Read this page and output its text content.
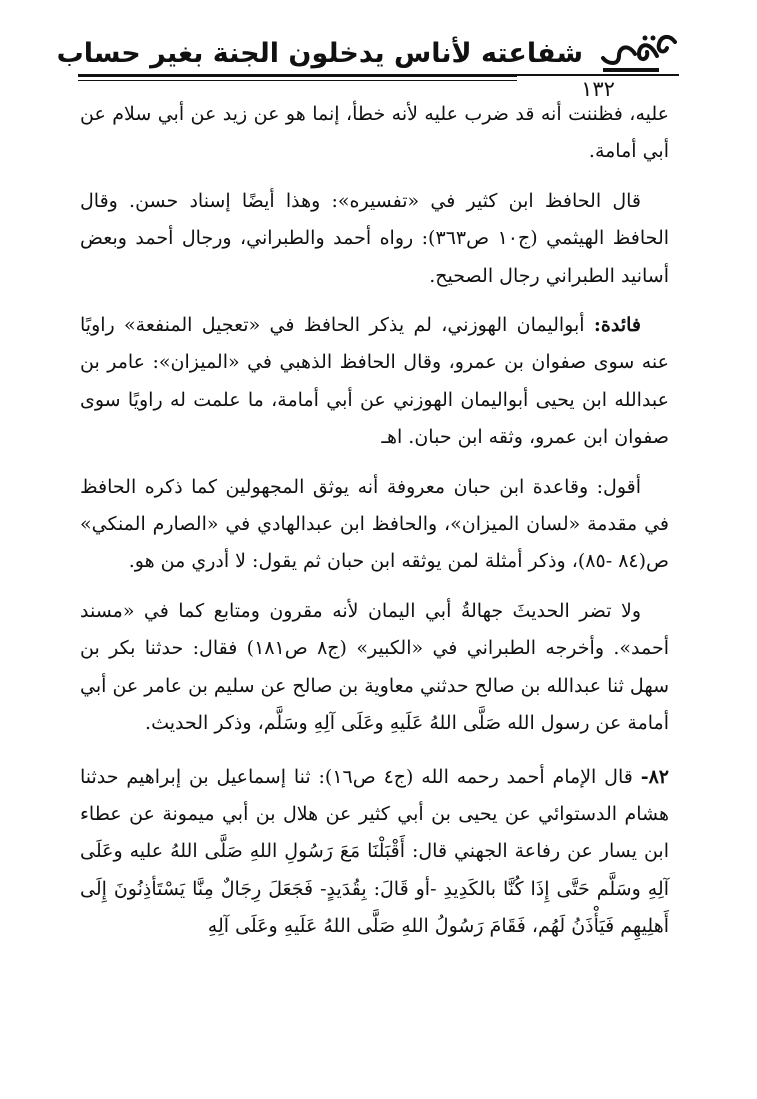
شفاعته لأناس يدخلون الجنة بغير حساب
١٣٢

عليه، فظننت أنه قد ضرب عليه لأنه خطأ، إنما هو عن زيد عن أبي سلام عن أبي أمامة.

قال الحافظ ابن كثير في «تفسيره»: وهذا أيضًا إسناد حسن. وقال الحافظ الهيثمي (ج١٠ ص٣٦٣): رواه أحمد والطبراني، ورجال أحمد وبعض أسانيد الطبراني رجال الصحيح.

فائدة: أبواليمان الهوزني، لم يذكر الحافظ في «تعجيل المنفعة» راويًا عنه سوى صفوان بن عمرو، وقال الحافظ الذهبي في «الميزان»: عامر بن عبدالله ابن يحيى أبواليمان الهوزني عن أبي أمامة، ما علمت له راويًا سوى صفوان ابن عمرو، وثقه ابن حبان. اهـ

أقول: وقاعدة ابن حبان معروفة أنه يوثق المجهولين كما ذكره الحافظ في مقدمة «لسان الميزان»، والحافظ ابن عبدالهادي في «الصارم المنكي» ص(٨٤ -٨٥)، وذكر أمثلة لمن يوثقه ابن حبان ثم يقول: لا أدري من هو.

ولا تضر الحديثَ جهالةُ أبي اليمان لأنه مقرون ومتابع كما في «مسند أحمد». وأخرجه الطبراني في «الكبير» (ج٨ ص١٨١) فقال: حدثنا بكر بن سهل ثنا عبدالله بن صالح حدثني معاوية بن صالح عن سليم بن عامر عن أبي أمامة عن رسول الله صَلَّى اللهُ عَلَيهِ وعَلَى آلِهِ وسَلَّم، وذكر الحديث.

٨٢- قال الإمام أحمد رحمه الله (ج٤ ص١٦): ثنا إسماعيل بن إبراهيم حدثنا هشام الدستوائي عن يحيى بن أبي كثير عن هلال بن أبي ميمونة عن عطاء ابن يسار عن رفاعة الجهني قال: أَقْبَلْنَا مَعَ رَسُولِ اللهِ صَلَّى اللهُ عليه وعَلَى آلِهِ وسَلَّم حَتَّى إِذَا كُنَّا بالكَدِيدِ -أو قَالَ: بِقُدَيدٍ- فَجَعَلَ رِجَالٌ مِنَّا يَسْتَأذِنُونَ إِلَى أَهلِيهِم فَيَأْذَنُ لَهُم، فَقَامَ رَسُولُ اللهِ صَلَّى اللهُ عَلَيهِ وعَلَى آلِهِ
